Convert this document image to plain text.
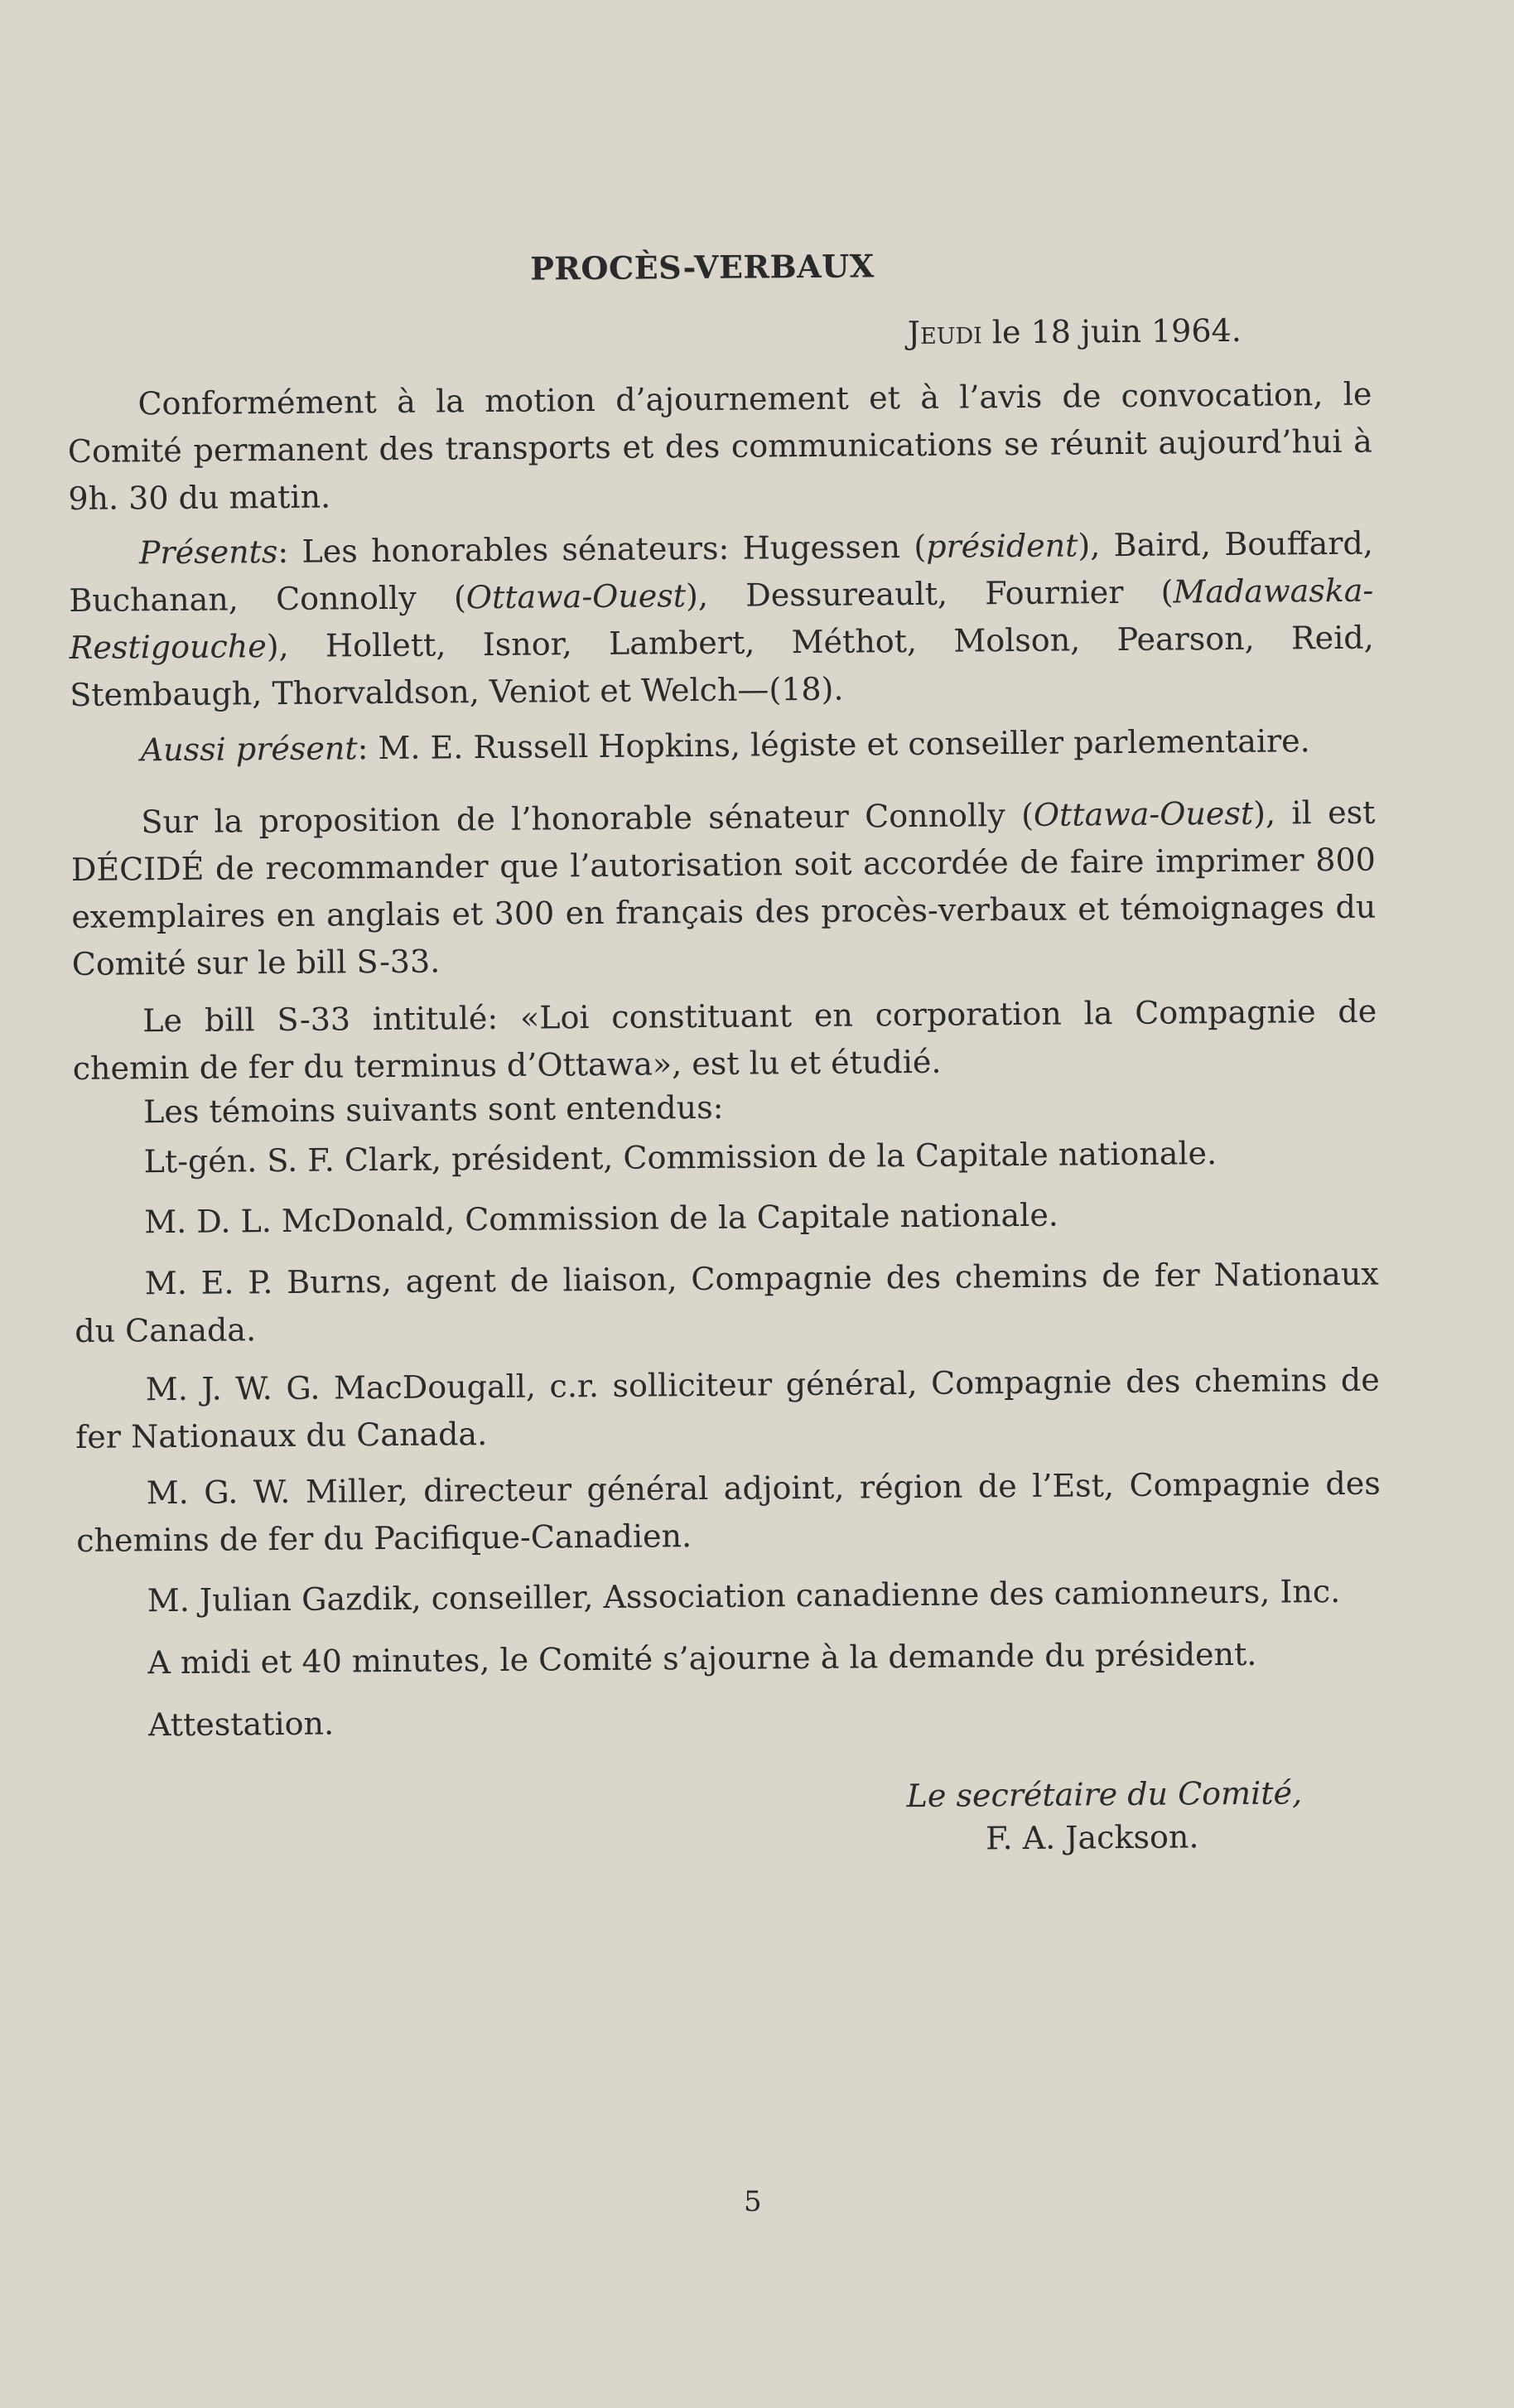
PROCÈS-VERBAUX
Jeudi le 18 juin 1964.

Conformément à la motion d’ajournement et à l’avis de convocation, le Comité permanent des transports et des communications se réunit aujourd’hui à 9h. 30 du matin.

Présents: Les honorables sénateurs: Hugessen (président), Baird, Bouffard, Buchanan, Connolly (Ottawa-Ouest), Dessureault, Fournier (Madawaska-Restigouche), Hollett, Isnor, Lambert, Méthot, Molson, Pearson, Reid, Stembaugh, Thorvaldson, Veniot et Welch—(18).

Aussi présent: M. E. Russell Hopkins, légiste et conseiller parlementaire.

Sur la proposition de l’honorable sénateur Connolly (Ottawa-Ouest), il est DÉCIDÉ de recommander que l’autorisation soit accordée de faire imprimer 800 exemplaires en anglais et 300 en français des procès-verbaux et témoignages du Comité sur le bill S-33.

Le bill S-33 intitulé: «Loi constituant en corporation la Compagnie de chemin de fer du terminus d’Ottawa», est lu et étudié.

Les témoins suivants sont entendus:

Lt-gén. S. F. Clark, président, Commission de la Capitale nationale.

M. D. L. McDonald, Commission de la Capitale nationale.

M. E. P. Burns, agent de liaison, Compagnie des chemins de fer Nationaux du Canada.

M. J. W. G. MacDougall, c.r. solliciteur général, Compagnie des chemins de fer Nationaux du Canada.

M. G. W. Miller, directeur général adjoint, région de l’Est, Compagnie des chemins de fer du Pacifique-Canadien.

M. Julian Gazdik, conseiller, Association canadienne des camionneurs, Inc.

A midi et 40 minutes, le Comité s’ajourne à la demande du président.

Attestation.

Le secrétaire du Comité,
F. A. Jackson.
5
